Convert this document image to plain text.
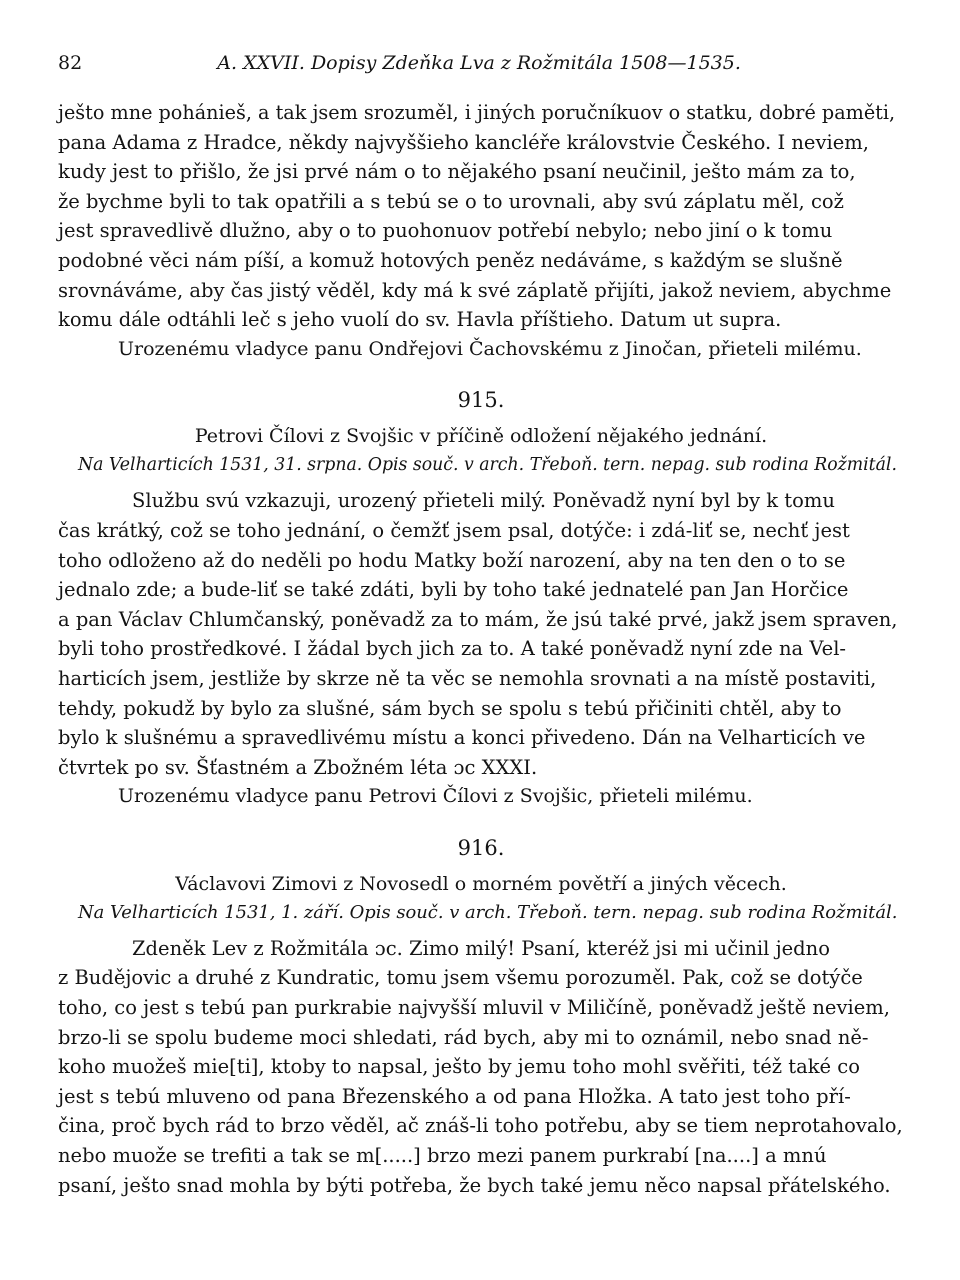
82	A. XXVII. Dopisy Zdeňka Lva z Rožmitála 1508—1535.

ješto mne pohánieš, a tak jsem srozuměl, i jiných poručníkuov o statku, dobré paměti,

pana Adama z Hradce, někdy najvyššieho kancléře královstvie Českého. I neviem,

kudy jest to přišlo, že jsi prvé nám o to nějakého psaní neučinil, ješto mám za to,

že bychme byli to tak opatřili a s tebú se o to urovnali, aby svú záplatu měl, což

jest spravedlivě dlužno, aby o to puohonuov potřebí nebylo; nebo jiní o k tomu

podobné věci nám píší, a komuž hotových peněz nedáváme, s každým se slušně

srovnáváme, aby čas jistý věděl, kdy má k své záplatě přijíti, jakož neviem, abychme

komu dále odtáhli leč s jeho vuolí do sv. Havla příštieho. Datum ut supra.

Urozenému vladyce panu Ondřejovi Čachovskému z Jinočan, přieteli milému.

915.

Petrovi Čílovi z Svojšic v příčině odložení nějakého jednání.

Na Velharticích 1531, 31. srpna. Opis souč. v arch. Třeboň. tern. nepag. sub rodina Rožmitál.

Službu svú vzkazuji, urozený přieteli milý. Poněvadž nyní byl by k tomu

čas krátký, což se toho jednání, o čemžť jsem psal, dotýče: i zdá-liť se, nechť jest

toho odloženo až do neděli po hodu Matky boží narození, aby na ten den o to se

jednalo zde; a bude-liť se také zdáti, byli by toho také jednatelé pan Jan Horčice

a pan Václav Chlumčanský, poněvadž za to mám, že jsú také prvé, jakž jsem spraven,

byli toho prostředkové. I žádal bych jich za to. A také poněvadž nyní zde na Vel-

harticích jsem, jestliže by skrze ně ta věc se nemohla srovnati a na místě postaviti,

tehdy, pokudž by bylo za slušné, sám bych se spolu s tebú přičiniti chtěl, aby to

bylo k slušnému a spravedlivému místu a konci přivedeno. Dán na Velharticích ve

čtvrtek po sv. Šťastném a Zbožném léta ɔc XXXI.

Urozenému vladyce panu Petrovi Čílovi z Svojšic, přieteli milému.

916.

Václavovi Zimovi z Novosedl o morném povětří a jiných věcech.

Na Velharticích 1531, 1. září. Opis souč. v arch. Třeboň. tern. nepag. sub rodina Rožmitál.

Zdeněk Lev z Rožmitála ɔc. Zimo milý! Psaní, kteréž jsi mi učinil jedno

z Budějovic a druhé z Kundratic, tomu jsem všemu porozuměl. Pak, což se dotýče

toho, co jest s tebú pan purkrabie najvyšší mluvil v Miličíně, poněvadž ještě neviem,

brzo-li se spolu budeme moci shledati, rád bych, aby mi to oznámil, nebo snad ně-

koho muožeš mie[ti], ktoby to napsal, ješto by jemu toho mohl svěřiti, též také co

jest s tebú mluveno od pana Březenského a od pana Hložka. A tato jest toho pří-

čina, proč bych rád to brzo věděl, ač znáš-li toho potřebu, aby se tiem neprotahovalo,

nebo muože se trefiti a tak se m[.....] brzo mezi panem purkrabí [na....] a mnú

psaní, ješto snad mohla by býti potřeba, že bych také jemu něco napsal přátelského.
